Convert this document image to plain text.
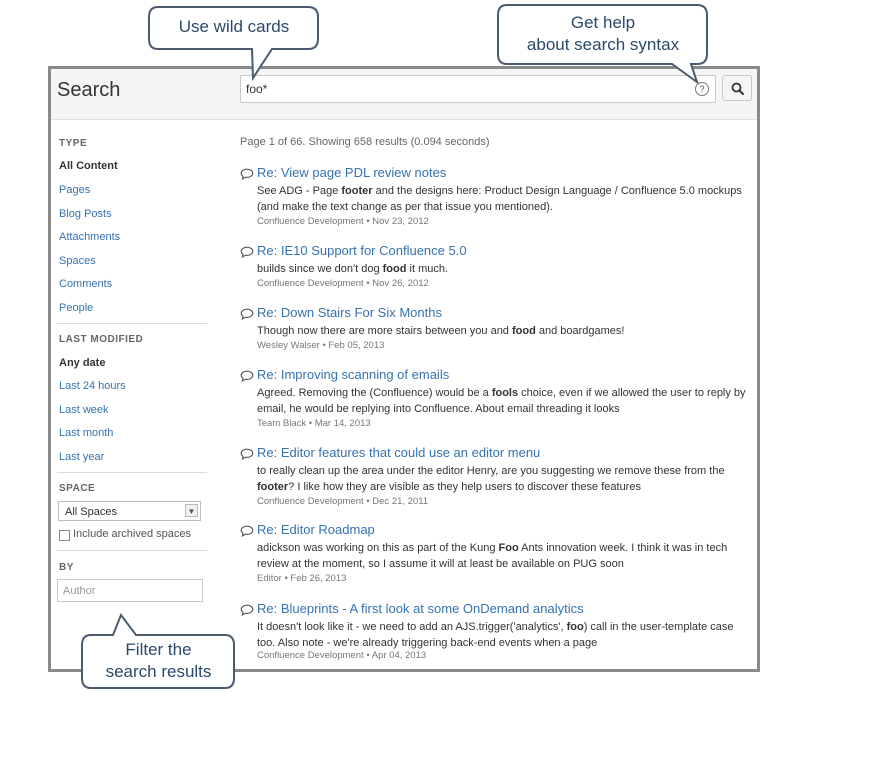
Search	foo*	?
TYPE
All Content
Pages
Blog Posts
Attachments
Spaces
Comments
People
LAST MODIFIED
Any date
Last 24 hours
Last week
Last month
Last year
SPACE
All Spaces	▼
Include archived spaces
BY
Author
Page 1 of 66. Showing 658 results (0.094 seconds)
Re: View page PDL review notes
See ADG - Page footer and the designs here: Product Design Language / Confluence 5.0 mockups (and make the text change as per that issue you mentioned).
Confluence Development • Nov 23, 2012
Re: IE10 Support for Confluence 5.0
builds since we don't dog food it much.
Confluence Development • Nov 26, 2012
Re: Down Stairs For Six Months
Though now there are more stairs between you and food and boardgames!
Wesley Walser • Feb 05, 2013
Re: Improving scanning of emails
Agreed. Removing the (Confluence) would be a fools choice, even if we allowed the user to reply by email, he would be replying into Confluence. About email threading it looks
Team Black • Mar 14, 2013
Re: Editor features that could use an editor menu
to really clean up the area under the editor Henry, are you suggesting we remove these from the footer? I like how they are visible as they help users to discover these features
Confluence Development • Dec 21, 2011
Re: Editor Roadmap
adickson was working on this as part of the Kung Foo Ants innovation week. I think it was in tech review at the moment, so I assume it will at least be available on PUG soon
Editor • Feb 26, 2013
Re: Blueprints - A first look at some OnDemand analytics
It doesn't look like it - we need to add an AJS.trigger('analytics', foo) call in the user-template case too. Also note - we're already triggering back-end events when a page
Confluence Development • Apr 04, 2013
Use wild cards	Get help
about search syntax
Filter the
search results
